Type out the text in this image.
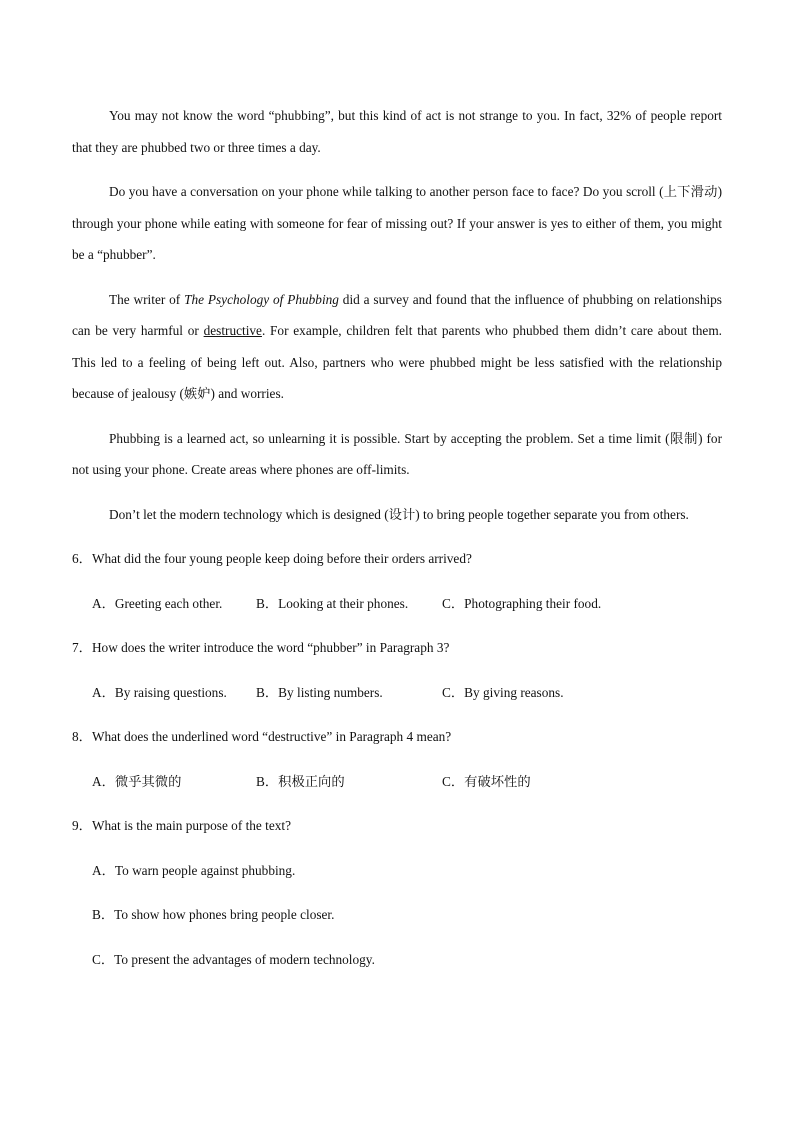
You may not know the word “phubbing”, but this kind of act is not strange to you. In fact, 32% of people report that they are phubbed two or three times a day.

Do you have a conversation on your phone while talking to another person face to face? Do you scroll (上下滑动) through your phone while eating with someone for fear of missing out? If your answer is yes to either of them, you might be a “phubber”.

The writer of The Psychology of Phubbing did a survey and found that the influence of phubbing on relationships can be very harmful or destructive. For example, children felt that parents who phubbed them didn’t care about them. This led to a feeling of being left out. Also, partners who were phubbed might be less satisfied with the relationship because of jealousy (嫉妒) and worries.

Phubbing is a learned act, so unlearning it is possible. Start by accepting the problem. Set a time limit (限制) for not using your phone. Create areas where phones are off-limits.

Don’t let the modern technology which is designed (设计) to bring people together separate you from others.

6．What did the four young people keep doing before their orders arrived?
A．Greeting each other.	B．Looking at their phones.	C．Photographing their food.
7．How does the writer introduce the word “phubber” in Paragraph 3?
A．By raising questions. B．By listing numbers.	C．By giving reasons.
8．What does the underlined word “destructive” in Paragraph 4 mean?
A．微乎其微的	B．积极正向的	C．有破坏性的
9．What is the main purpose of the text?
A．To warn people against phubbing.
B．To show how phones bring people closer.
C．To present the advantages of modern technology.
